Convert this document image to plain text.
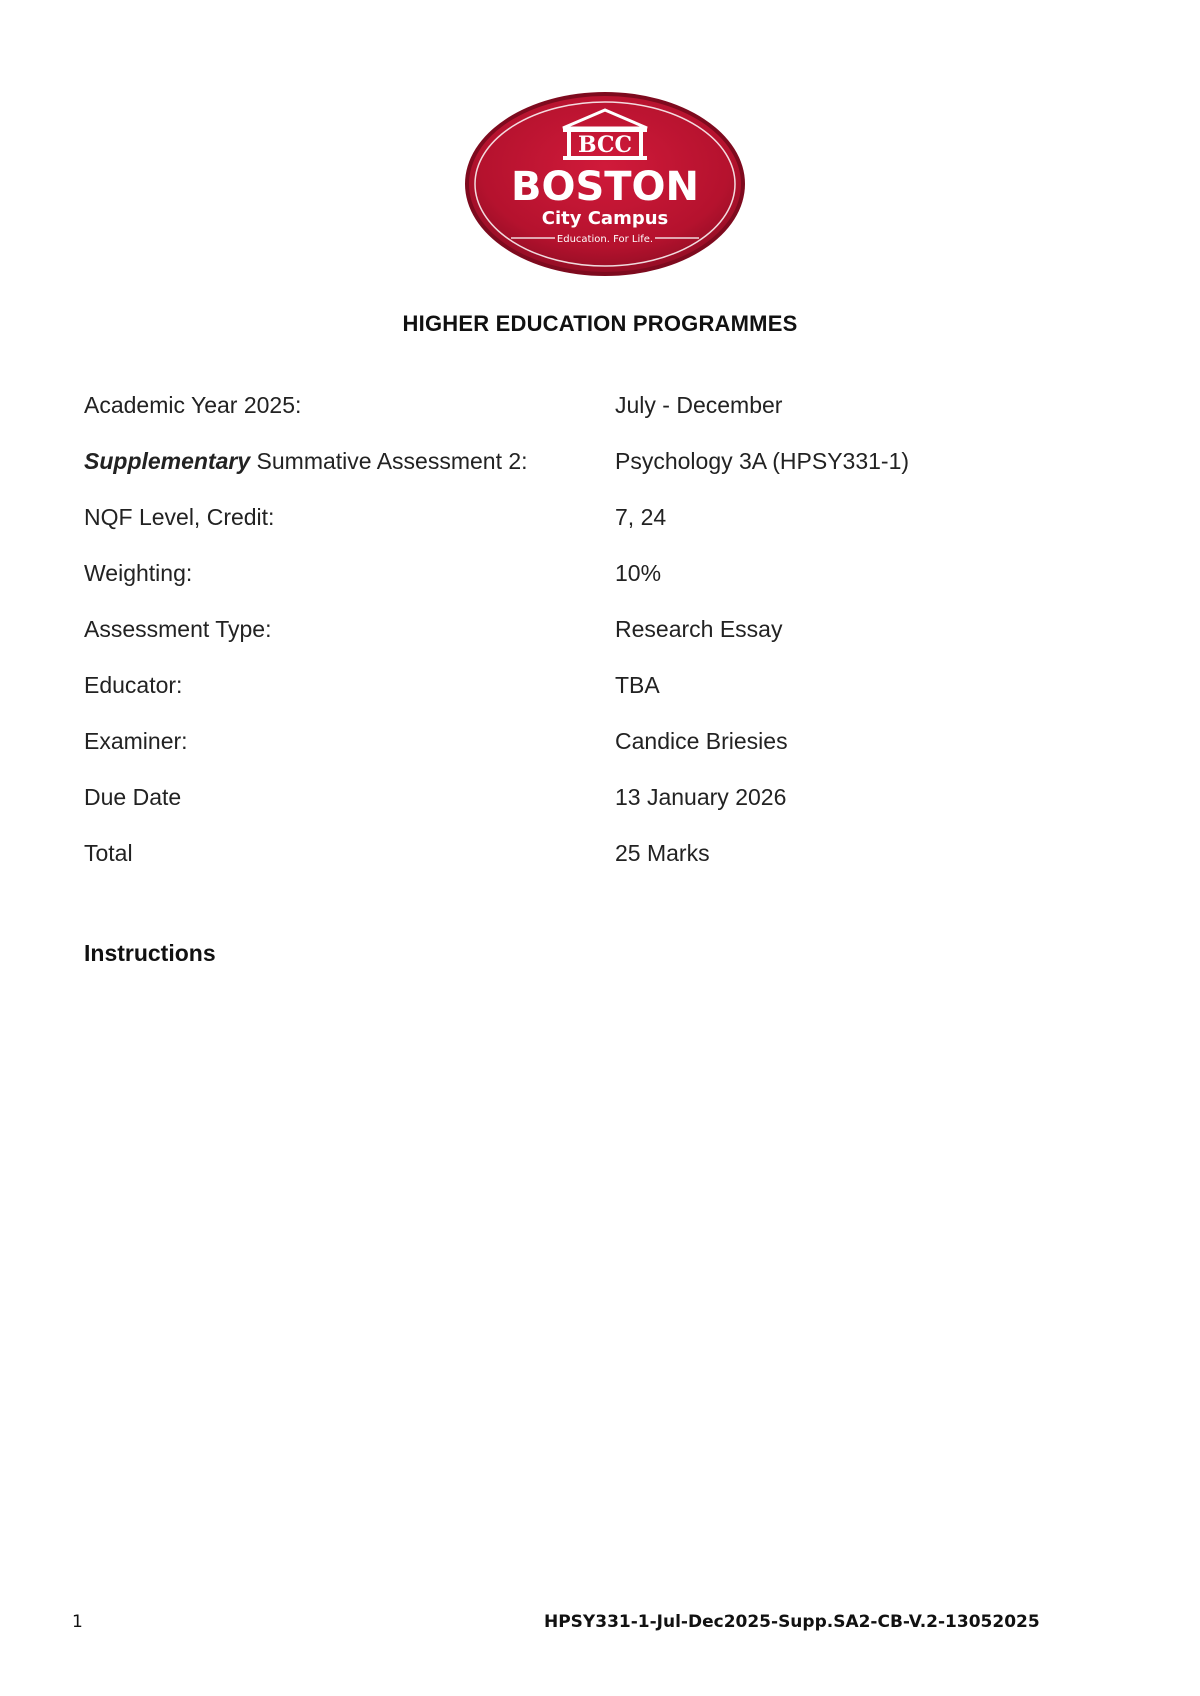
BCC
BOSTON
City Campus
Education. For Life.
HIGHER EDUCATION PROGRAMMES
Academic Year 2025:	July - December
Supplementary Summative Assessment 2:	Psychology 3A (HPSY331-1)
NQF Level, Credit:	7, 24
Weighting:	10%
Assessment Type:	Research Essay
Educator:	TBA
Examiner:	Candice Briesies
Due Date	13 January 2026
Total	25 Marks
Instructions
1	HPSY331-1-Jul-Dec2025-Supp.SA2-CB-V.2-13052025
